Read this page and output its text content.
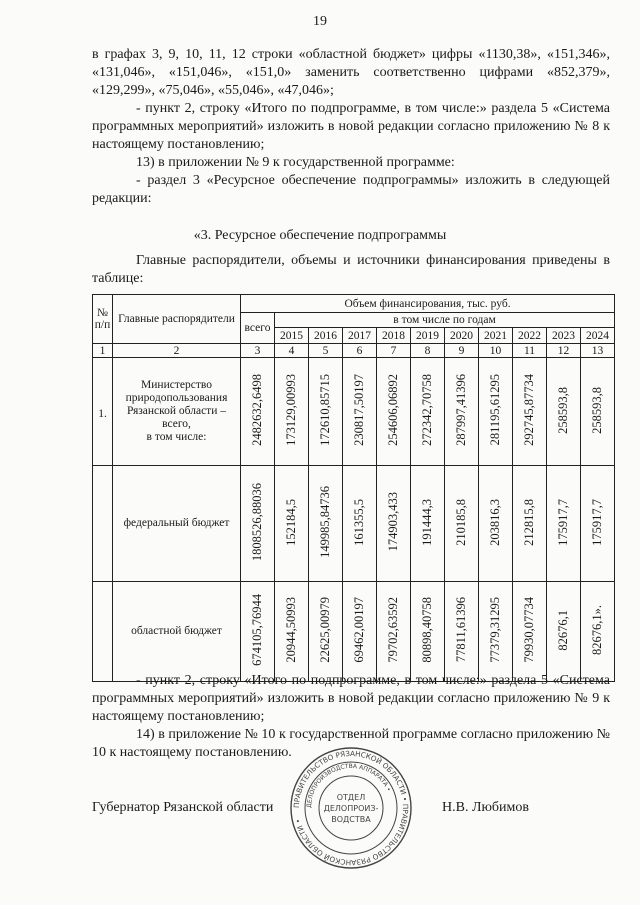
19
в графах 3, 9, 10, 11, 12 строки «областной бюджет» цифры «1130,38», «151,346», «131,046», «151,046», «151,0» заменить соответственно цифрами «852,379», «129,299», «75,046», «55,046», «47,046»;
- пункт 2, строку «Итого по подпрограмме, в том числе:» раздела 5 «Система программных мероприятий» изложить в новой редакции согласно приложению № 8 к настоящему постановлению;
13) в приложении № 9 к государственной программе:
- раздел 3 «Ресурсное обеспечение подпрограммы» изложить в следующей редакции:
«3. Ресурсное обеспечение подпрограммы
Главные распорядители, объемы и источники финансирования приведены в таблице:
№ п/п	Главные распорядители	Объем финансирования, тыс. руб.										
		всего	в том числе по годам									
			2015	2016	2017	2018	2019	2020	2021	2022	2023	2024
1	2	3	4	5	6	7	8	9	10	11	12	13
1.	Министерство
природопользования
Рязанской области –
всего,
в том числе:	2482632,6498	173129,00993	172610,85715	230817,50197	254606,06892	272342,70758	287997,41396	281195,61295	292745,87734	258593,8	258593,8

	федеральный бюджет	1808526,88036	152184,5	149985,84736	161355,5	174903,433	191444,3	210185,8	203816,3	212815,8	175917,7	175917,7

	областной бюджет	674105,76944	20944,50993	22625,00979	69462,00197	79702,63592	80898,40758	77811,61396	77379,31295	79930,07734	82676,1	82676,1».
- пункт 2, строку «Итого по подпрограмме, в том числе:» раздела 5 «Система программных мероприятий» изложить в новой редакции согласно приложению № 9 к настоящему постановлению;
14) в приложение № 10 к государственной программе согласно приложению № 10 к настоящему постановлению.
ПРАВИТЕЛЬСТВО РЯЗАНСКОЙ ОБЛАСТИ • ПРАВИТЕЛЬСТВО РЯЗАНСКОЙ ОБЛАСТИ •
ДЕЛОПРОИЗВОДСТВА АППАРАТА •
ОТДЕЛ
ДЕЛОПРОИЗ-
ВОДСТВА
Губернатор Рязанской области	Н.В. Любимов
